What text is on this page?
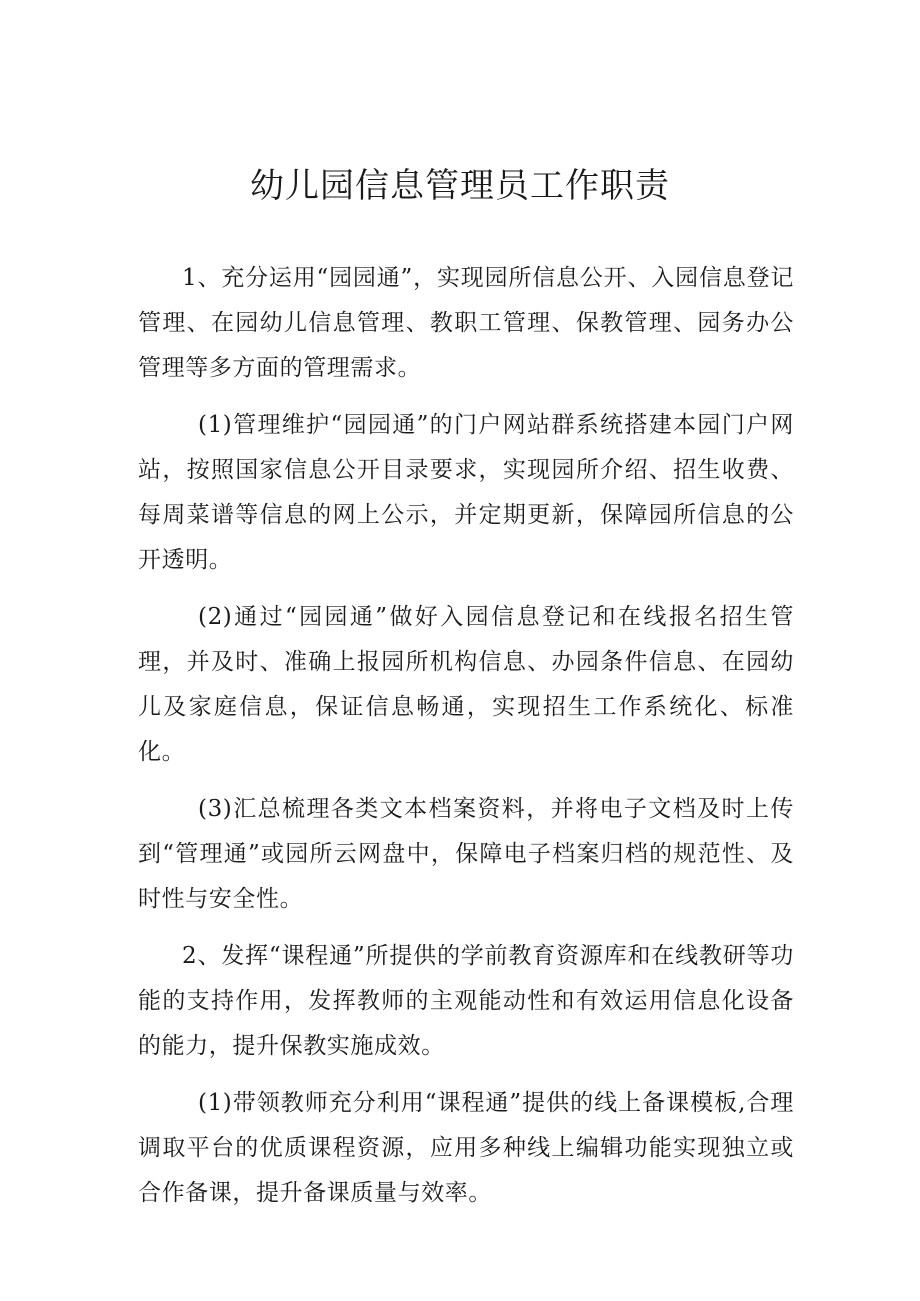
幼儿园信息管理员工作职责

1、充分运用“园园通”，实现园所信息公开、入园信息登记管理、在园幼儿信息管理、教职工管理、保教管理、园务办公管理等多方面的管理需求。

(1)管理维护“园园通”的门户网站群系统搭建本园门户网站，按照国家信息公开目录要求，实现园所介绍、招生收费、每周菜谱等信息的网上公示，并定期更新，保障园所信息的公开透明。

(2)通过“园园通”做好入园信息登记和在线报名招生管理，并及时、准确上报园所机构信息、办园条件信息、在园幼儿及家庭信息，保证信息畅通，实现招生工作系统化、标准化。

(3)汇总梳理各类文本档案资料，并将电子文档及时上传到“管理通”或园所云网盘中，保障电子档案归档的规范性、及时性与安全性。

2、发挥“课程通”所提供的学前教育资源库和在线教研等功能的支持作用，发挥教师的主观能动性和有效运用信息化设备的能力，提升保教实施成效。

(1)带领教师充分利用“课程通”提供的线上备课模板,合理调取平台的优质课程资源，应用多种线上编辑功能实现独立或合作备课，提升备课质量与效率。
